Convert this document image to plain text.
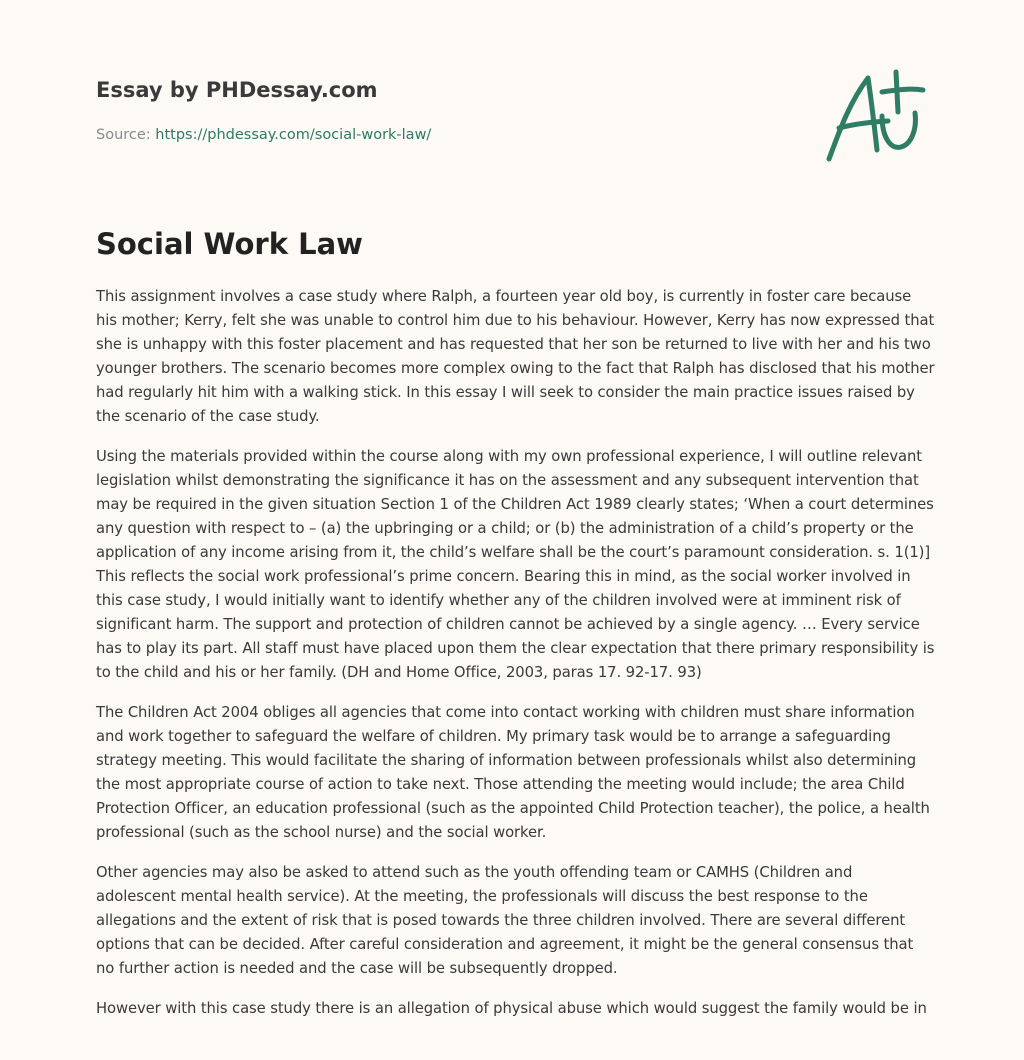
Essay by PHDessay.com
Source: https://phdessay.com/social-work-law/
Social Work Law

This assignment involves a case study where Ralph, a fourteen year old boy, is currently in foster care because his mother; Kerry, felt she was unable to control him due to his behaviour. However, Kerry has now expressed that she is unhappy with this foster placement and has requested that her son be returned to live with her and his two younger brothers. The scenario becomes more complex owing to the fact that Ralph has disclosed that his mother had regularly hit him with a walking stick. In this essay I will seek to consider the main practice issues raised by the scenario of the case study.

Using the materials provided within the course along with my own professional experience, I will outline relevant legislation whilst demonstrating the significance it has on the assessment and any subsequent intervention that may be required in the given situation Section 1 of the Children Act 1989 clearly states; ‘When a court determines any question with respect to – (a) the upbringing or a child; or (b) the administration of a child’s property or the application of any income arising from it, the child’s welfare shall be the court’s paramount consideration. s. 1(1)] This reflects the social work professional’s prime concern. Bearing this in mind, as the social worker involved in this case study, I would initially want to identify whether any of the children involved were at imminent risk of significant harm. The support and protection of children cannot be achieved by a single agency. … Every service has to play its part. All staff must have placed upon them the clear expectation that there primary responsibility is to the child and his or her family. (DH and Home Office, 2003, paras 17. 92-17. 93)

The Children Act 2004 obliges all agencies that come into contact working with children must share information and work together to safeguard the welfare of children. My primary task would be to arrange a safeguarding strategy meeting. This would facilitate the sharing of information between professionals whilst also determining the most appropriate course of action to take next. Those attending the meeting would include; the area Child Protection Officer, an education professional (such as the appointed Child Protection teacher), the police, a health professional (such as the school nurse) and the social worker.

Other agencies may also be asked to attend such as the youth offending team or CAMHS (Children and adolescent mental health service). At the meeting, the professionals will discuss the best response to the allegations and the extent of risk that is posed towards the three children involved. There are several different options that can be decided. After careful consideration and agreement, it might be the general consensus that no further action is needed and the case will be subsequently dropped.

However with this case study there is an allegation of physical abuse which would suggest the family would be in
